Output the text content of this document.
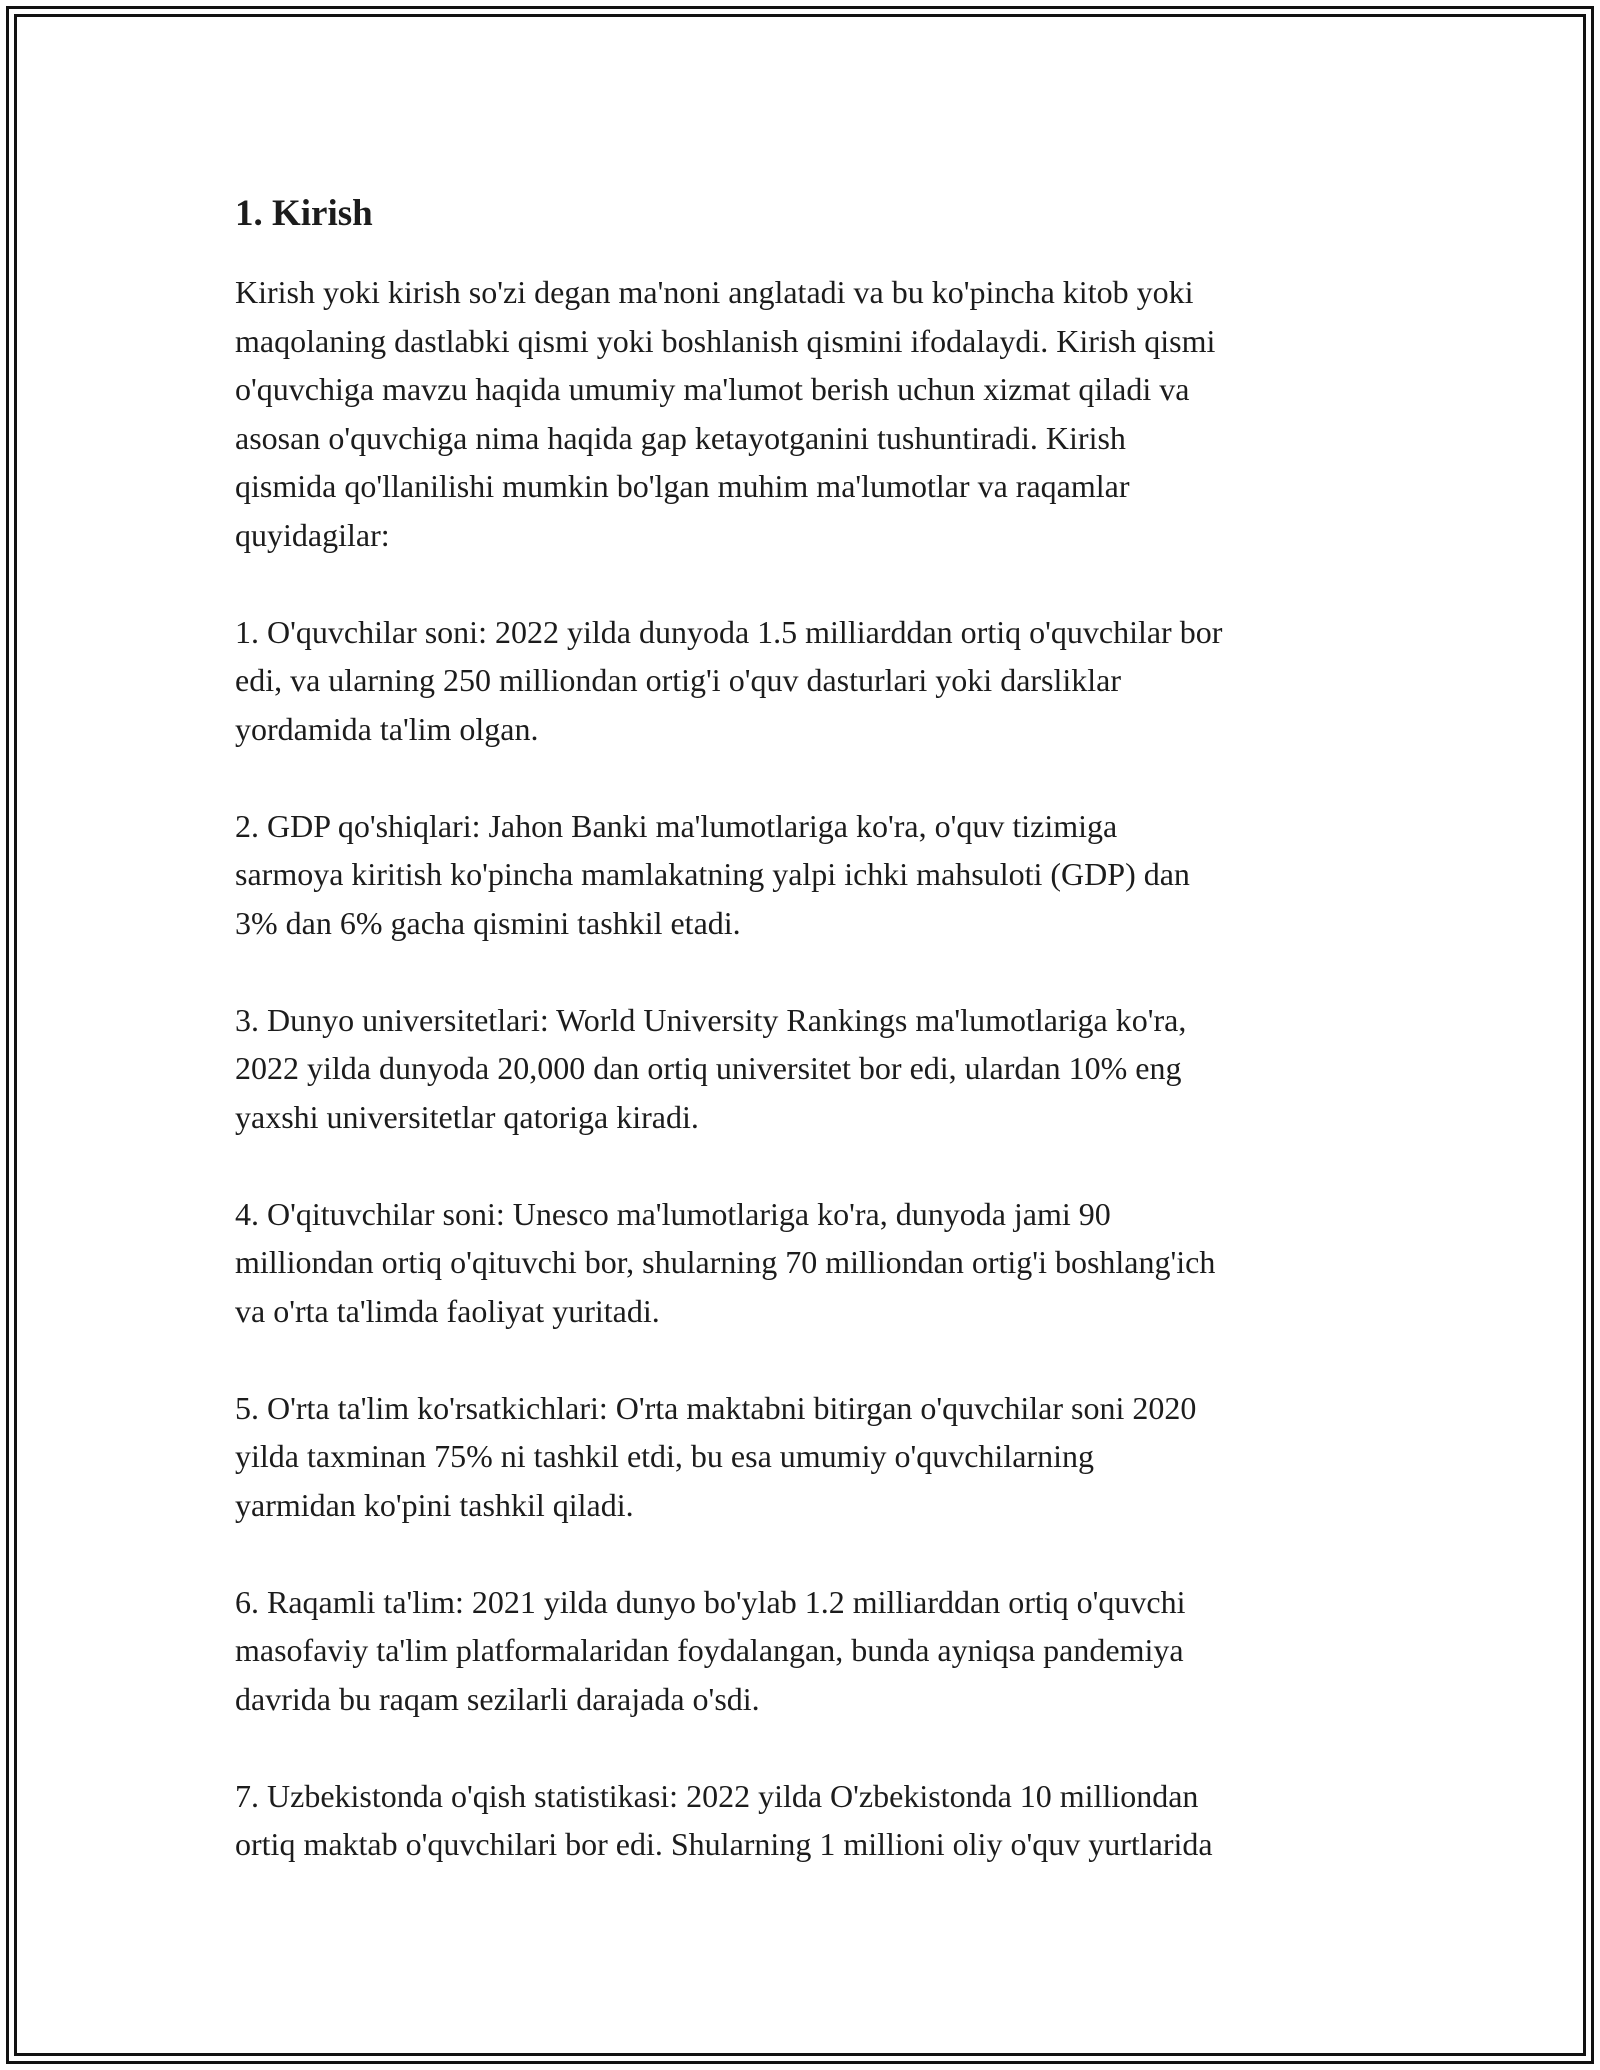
1. Kirish

Kirish yoki kirish so'zi degan ma'noni anglatadi va bu ko'pincha kitob yoki
maqolaning dastlabki qismi yoki boshlanish qismini ifodalaydi. Kirish qismi
o'quvchiga mavzu haqida umumiy ma'lumot berish uchun xizmat qiladi va
asosan o'quvchiga nima haqida gap ketayotganini tushuntiradi. Kirish
qismida qo'llanilishi mumkin bo'lgan muhim ma'lumotlar va raqamlar
quyidagilar:

1. O'quvchilar soni: 2022 yilda dunyoda 1.5 milliarddan ortiq o'quvchilar bor
edi, va ularning 250 milliondan ortig'i o'quv dasturlari yoki darsliklar
yordamida ta'lim olgan.

2. GDP qo'shiqlari: Jahon Banki ma'lumotlariga ko'ra, o'quv tizimiga
sarmoya kiritish ko'pincha mamlakatning yalpi ichki mahsuloti (GDP) dan
3% dan 6% gacha qismini tashkil etadi.

3. Dunyo universitetlari: World University Rankings ma'lumotlariga ko'ra,
2022 yilda dunyoda 20,000 dan ortiq universitet bor edi, ulardan 10% eng
yaxshi universitetlar qatoriga kiradi.

4. O'qituvchilar soni: Unesco ma'lumotlariga ko'ra, dunyoda jami 90
milliondan ortiq o'qituvchi bor, shularning 70 milliondan ortig'i boshlang'ich
va o'rta ta'limda faoliyat yuritadi.

5. O'rta ta'lim ko'rsatkichlari: O'rta maktabni bitirgan o'quvchilar soni 2020
yilda taxminan 75% ni tashkil etdi, bu esa umumiy o'quvchilarning
yarmidan ko'pini tashkil qiladi.

6. Raqamli ta'lim: 2021 yilda dunyo bo'ylab 1.2 milliarddan ortiq o'quvchi
masofaviy ta'lim platformalaridan foydalangan, bunda ayniqsa pandemiya
davrida bu raqam sezilarli darajada o'sdi.

7. Uzbekistonda o'qish statistikasi: 2022 yilda O'zbekistonda 10 milliondan
ortiq maktab o'quvchilari bor edi. Shularning 1 millioni oliy o'quv yurtlarida
